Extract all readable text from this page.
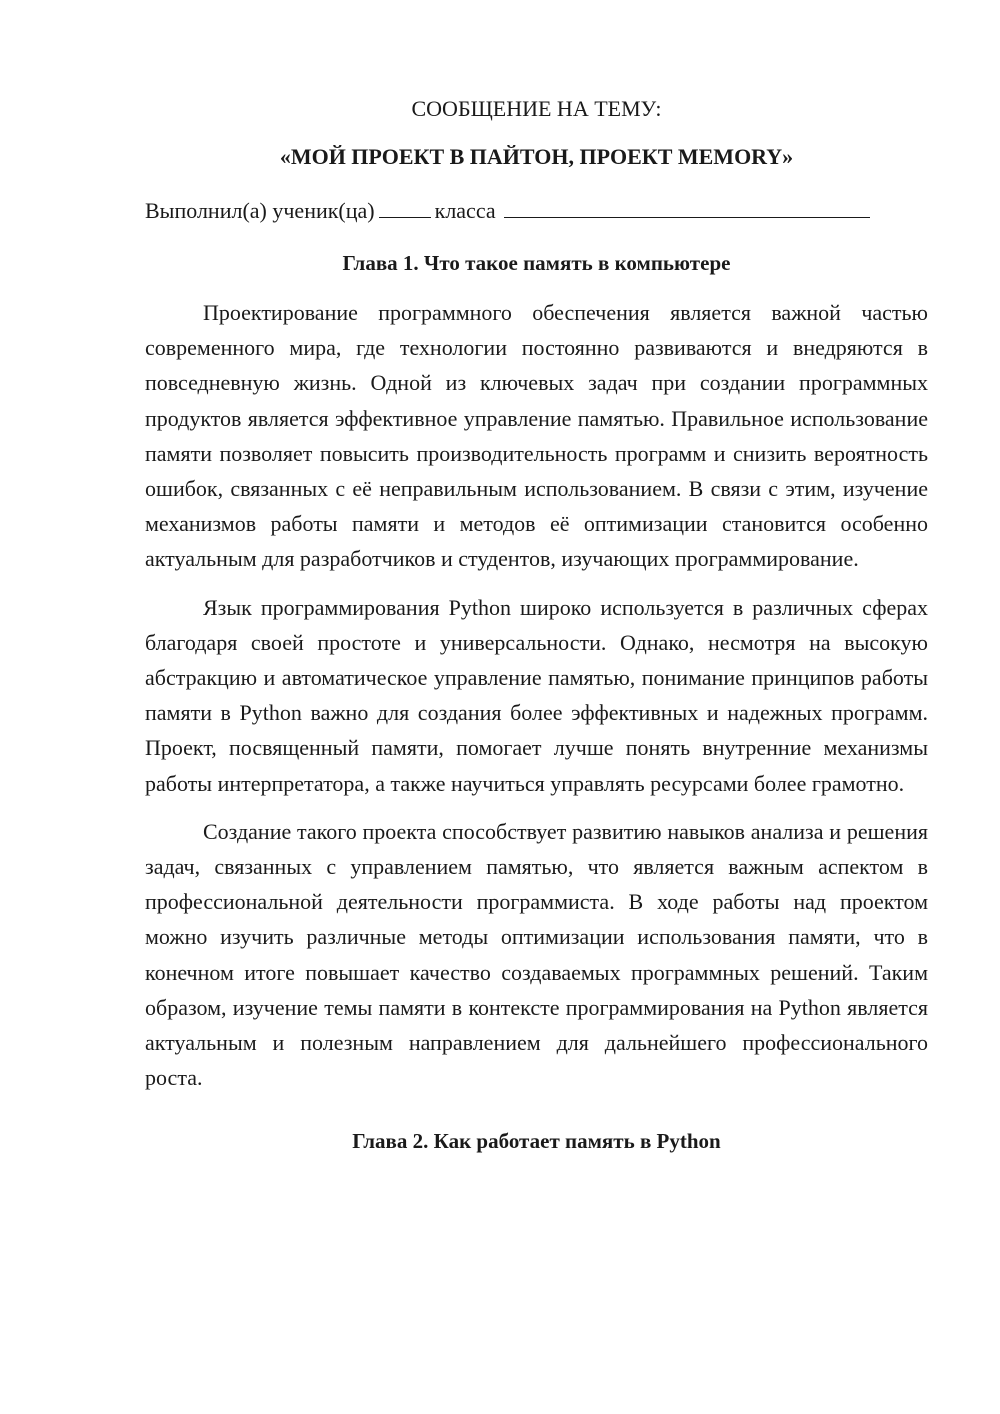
СООБЩЕНИЕ НА ТЕМУ:

«МОЙ ПРОЕКТ В ПАЙТОН, ПРОЕКТ MEMORY»

Выполнил(а) ученик(ца)	класса

Глава 1. Что такое память в компьютере

Проектирование программного обеспечения является важной частью современного мира, где технологии постоянно развиваются и внедряются в повседневную жизнь. Одной из ключевых задач при создании программных продуктов является эффективное управление памятью. Правильное использование памяти позволяет повысить производительность программ и снизить вероятность ошибок, связанных с её неправильным использованием. В связи с этим, изучение механизмов работы памяти и методов её оптимизации становится особенно актуальным для разработчиков и студентов, изучающих программирование.

Язык программирования Python широко используется в различных сферах благодаря своей простоте и универсальности. Однако, несмотря на высокую абстракцию и автоматическое управление памятью, понимание принципов работы памяти в Python важно для создания более эффективных и надежных программ. Проект, посвященный памяти, помогает лучше понять внутренние механизмы работы интерпретатора, а также научиться управлять ресурсами более грамотно.

Создание такого проекта способствует развитию навыков анализа и решения задач, связанных с управлением памятью, что является важным аспектом в профессиональной деятельности программиста. В ходе работы над проектом можно изучить различные методы оптимизации использования памяти, что в конечном итоге повышает качество создаваемых программных решений. Таким образом, изучение темы памяти в контексте программирования на Python является актуальным и полезным направлением для дальнейшего профессионального роста.

Глава 2. Как работает память в Python
